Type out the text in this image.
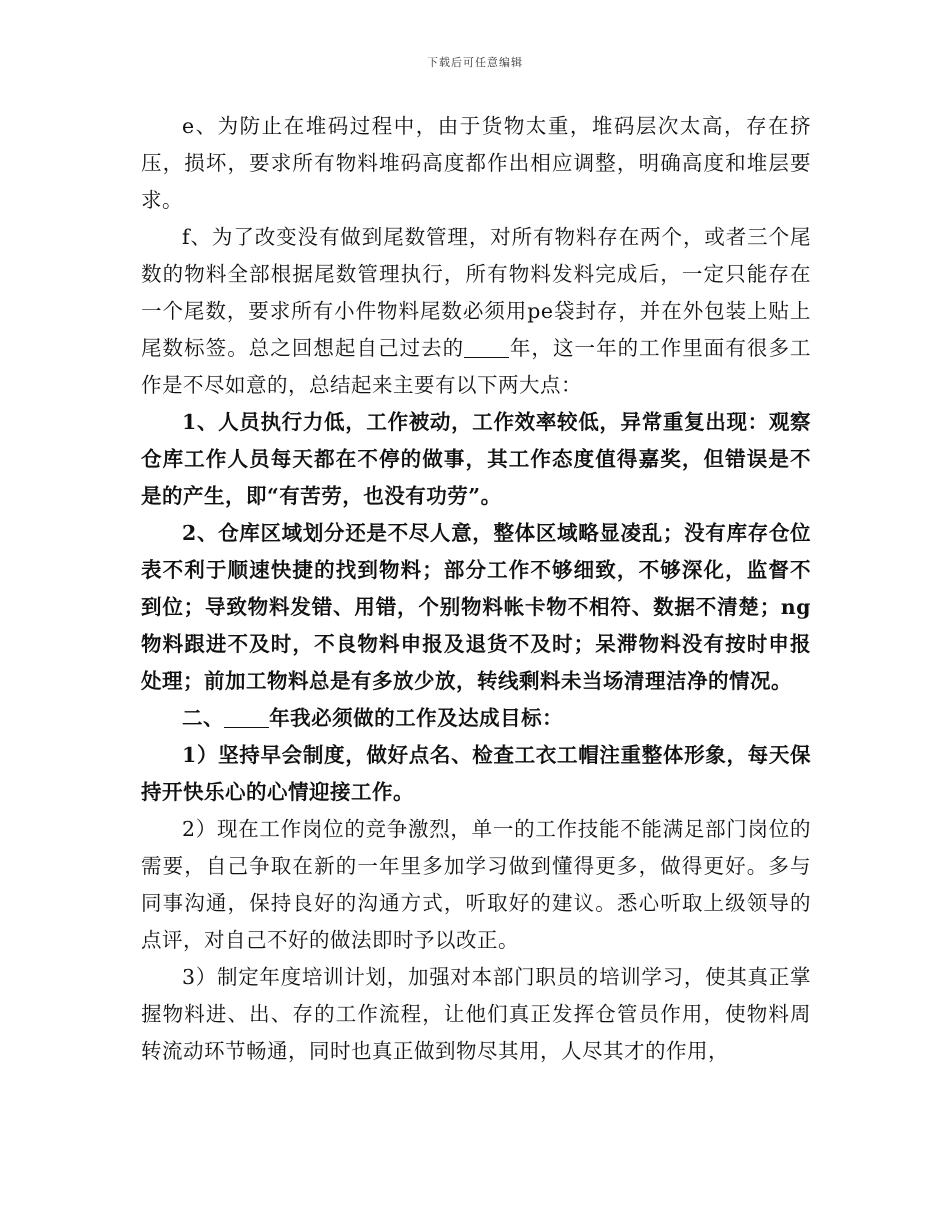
下载后可任意编辑

e、为防止在堆码过程中，由于货物太重，堆码层次太高，存在挤压，损坏，要求所有物料堆码高度都作出相应调整，明确高度和堆层要求。

f、为了改变没有做到尾数管理，对所有物料存在两个，或者三个尾数的物料全部根据尾数管理执行，所有物料发料完成后，一定只能存在一个尾数，要求所有小件物料尾数必须用pe袋封存，并在外包装上贴上尾数标签。总之回想起自己过去的 年，这一年的工作里面有很多工作是不尽如意的，总结起来主要有以下两大点：

1、人员执行力低，工作被动，工作效率较低，异常重复出现：观察仓库工作人员每天都在不停的做事，其工作态度值得嘉奖，但错误是不是的产生，即“有苦劳，也没有功劳”。

2、仓库区域划分还是不尽人意，整体区域略显凌乱；没有库存仓位表不利于顺速快捷的找到物料；部分工作不够细致，不够深化，监督不到位；导致物料发错、用错，个别物料帐卡物不相符、数据不清楚；ng物料跟进不及时，不良物料申报及退货不及时；呆滞物料没有按时申报处理；前加工物料总是有多放少放，转线剩料未当场清理洁净的情况。

二、 年我必须做的工作及达成目标：

1）坚持早会制度，做好点名、检查工衣工帽注重整体形象，每天保持开快乐心的心情迎接工作。

2）现在工作岗位的竞争激烈，单一的工作技能不能满足部门岗位的需要，自己争取在新的一年里多加学习做到懂得更多，做得更好。多与同事沟通，保持良好的沟通方式，听取好的建议。悉心听取上级领导的点评，对自己不好的做法即时予以改正。

3）制定年度培训计划，加强对本部门职员的培训学习，使其真正掌握物料进、出、存的工作流程，让他们真正发挥仓管员作用，使物料周转流动环节畅通，同时也真正做到物尽其用，人尽其才的作用，
